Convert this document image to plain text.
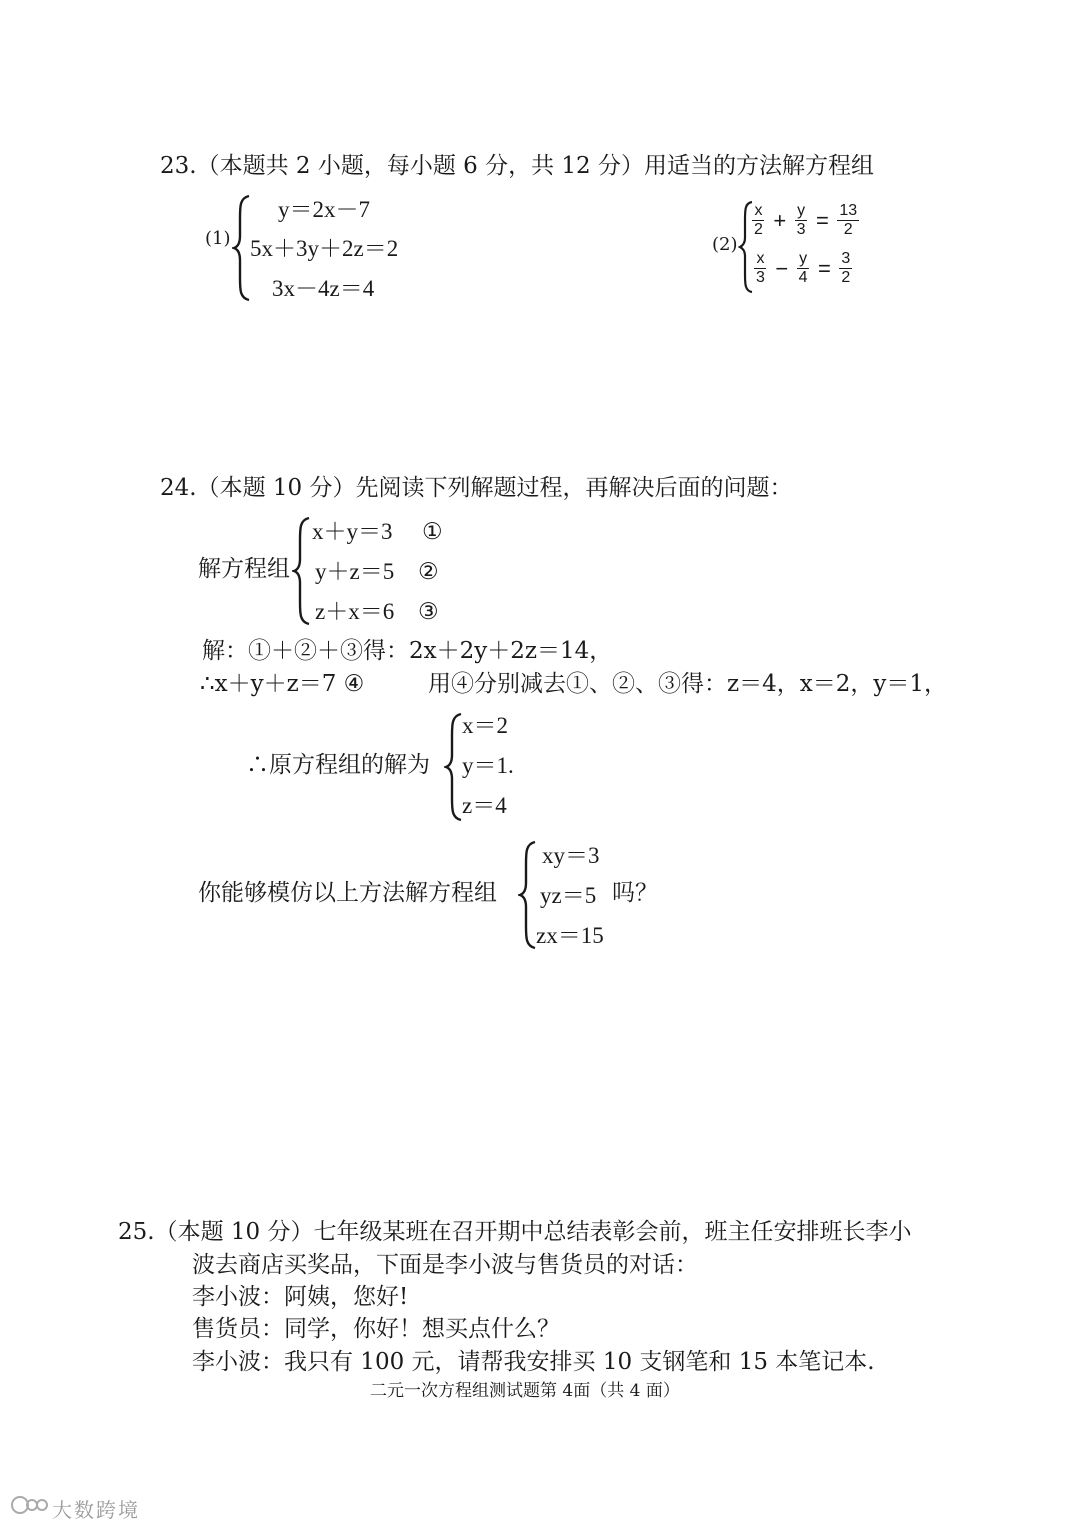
23.（本题共 2 小题，每小题 6 分，共 12 分）用适当的方法解方程组
(1)
y＝2x－7
5x＋3y＋2z＝2
3x－4z＝4
(2)
$\frac{x}{2} + \frac{y}{3} = \frac{13}{2}$
$\frac{x}{3} - \frac{y}{4} = \frac{3}{2}$
24.（本题 10 分）先阅读下列解题过程，再解决后面的问题：
解方程组
x＋y＝3
y＋z＝5
z＋x＝6
①
②
③
解：①＋②＋③得：2x＋2y＋2z＝14，
∴x＋y＋z＝7 ④	用④分别减去①、②、③得：z＝4，x＝2，y＝1，
∴原方程组的解为
x＝2
y＝1.
z＝4
你能够模仿以上方法解方程组
xy＝3
yz＝5
zx＝15
吗？
25.（本题 10 分）七年级某班在召开期中总结表彰会前，班主任安排班长李小
波去商店买奖品，下面是李小波与售货员的对话：
李小波：阿姨，您好!
售货员：同学，你好！想买点什么？
李小波：我只有 100 元，请帮我安排买 10 支钢笔和 15 本笔记本.
二元一次方程组测试题第 4面（共 4 面）
大数跨境
